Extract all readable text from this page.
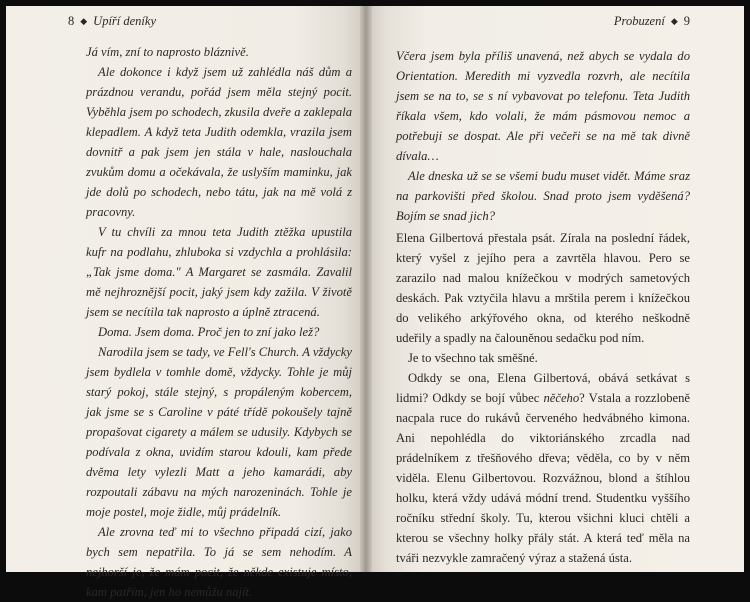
8 ◆ Upíří deníky

Já vím, zní to naprosto bláznivě.

Ale dokonce i když jsem už zahlédla náš dům a prázdnou verandu, pořád jsem měla stejný pocit. Vyběhla jsem po schodech, zkusila dveře a zaklepala klepadlem. A když teta Judith odemkla, vrazila jsem dovnitř a pak jsem jen stála v hale, naslouchala zvukům domu a očekávala, že uslyším maminku, jak jde dolů po schodech, nebo tátu, jak na mě volá z pracovny.

V tu chvíli za mnou teta Judith ztěžka upustila kufr na podlahu, zhluboka si vzdychla a prohlásila: „Tak jsme doma." A Margaret se zasmála. Zavalil mě nejhroznější pocit, jaký jsem kdy zažila. V životě jsem se necítila tak naprosto a úplně ztracená.

Doma. Jsem doma. Proč jen to zní jako lež?

Narodila jsem se tady, ve Fell's Church. A vždycky jsem bydlela v tomhle domě, vždycky. Tohle je můj starý pokoj, stále stejný, s propáleným kobercem, jak jsme se s Caroline v páté třídě pokoušely tajně propašovat cigarety a málem se udusily. Kdybych se podívala z okna, uvidím starou kdouli, kam přede dvěma lety vylezli Matt a jeho kamarádi, aby rozpoutali zábavu na mých narozeninách. Tohle je moje postel, moje židle, můj prádelník.

Ale zrovna teď mi to všechno připadá cizí, jako bych sem nepatřila. To já se sem nehodím. A nejhorší je, že mám pocit, že někde existuje místo, kam patřím, jen ho nemůžu najít.

Probuzení ◆ 9

Včera jsem byla příliš unavená, než abych se vydala do Orientation. Meredith mi vyzvedla rozvrh, ale necítila jsem se na to, se s ní vybavovat po telefonu. Teta Judith říkala všem, kdo volali, že mám pásmovou nemoc a potřebuji se dospat. Ale při večeři se na mě tak divně dívala…

Ale dneska už se se všemi budu muset vidět. Máme sraz na parkovišti před školou. Snad proto jsem vyděšená? Bojím se snad jich?

Elena Gilbertová přestala psát. Zírala na poslední řádek, který vyšel z jejího pera a zavrtěla hlavou. Pero se zarazilo nad malou knížečkou v modrých sametových deskách. Pak vztyčila hlavu a mrštila perem i knížečkou do velikého arkýřového okna, od kterého neškodně udeřily a spadly na čalouněnou sedačku pod ním.

Je to všechno tak směšné.

Odkdy se ona, Elena Gilbertová, obává setkávat s lidmi? Odkdy se bojí vůbec něčeho? Vstala a rozzlobeně nacpala ruce do rukávů červeného hedvábného kimona. Ani nepohlédla do viktoriánského zrcadla nad prádelníkem z třešňového dřeva; věděla, co by v něm viděla. Elenu Gilbertovou. Rozvážnou, blond a štíhlou holku, která vždy udává módní trend. Studentku vyššího ročníku střední školy. Tu, kterou všichni kluci chtěli a kterou se všechny holky přály stát. A která teď měla na tváři nezvykle zamračený výraz a stažená ústa.
